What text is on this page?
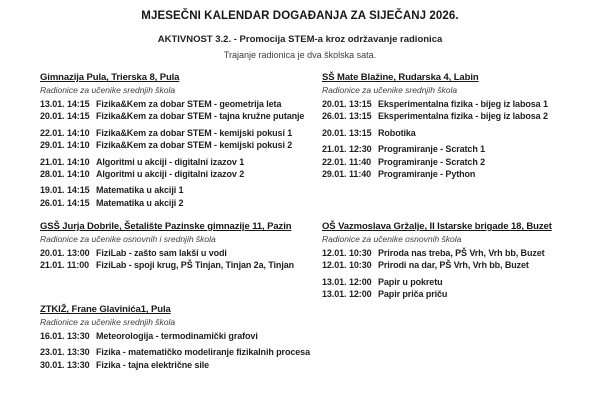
MJESEČNI KALENDAR DOGAĐANJA ZA SIJEČANJ 2026.
AKTIVNOST 3.2. - Promocija STEM-a kroz održavanje radionica
Trajanje radionica je dva školska sata.
Gimnazija Pula, Trierska 8, Pula

Radionice za učenike srednjih škola

13.01. 14:15 Fizika&Kem za dobar STEM - geometrija leta
20.01. 14:15 Fizika&Kem za dobar STEM - tajna kružne putanje
22.01. 14:10 Fizika&Kem za dobar STEM - kemijski pokusi 1
29.01. 14:10 Fizika&Kem za dobar STEM - kemijski pokusi 2
21.01. 14:10 Algoritmi u akciji - digitalni izazov 1
28.01. 14:10 Algoritmi u akciji - digitalni izazov 2
19.01. 14:15 Matematika u akciji 1
26.01. 14:15 Matematika u akciji 2
GSŠ Jurja Dobrile, Šetalište Pazinske gimnazije 11, Pazin

Radionice za učenike osnovnih i srednjih škola

20.01. 13:00 FiziLab - zašto sam lakši u vodi
21.01. 11:00 FiziLab - spoji krug, PŠ Tinjan, Tinjan 2a, Tinjan
ZTKIŽ, Frane Glavinića1, Pula

Radionice za učenike srednjih škola

16.01. 13:30 Meteorologija - termodinamički grafovi
23.01. 13:30 Fizika - matematičko modeliranje fizikalnih procesa
30.01. 13:30 Fizika - tajna električne sile
SŠ Mate Blažine, Rudarska 4, Labin

Radionice za učenike srednjih škola

20.01. 13:15 Eksperimentalna fizika - bijeg iz labosa 1
26.01. 13:15 Eksperimentalna fizika - bijeg iz labosa 2
20.01. 13:15 Robotika
21.01. 12:30 Programiranje - Scratch 1
22.01. 11:40 Programiranje - Scratch 2
29.01. 11:40 Programiranje - Python
OŠ Vazmoslava Gržalje, II Istarske brigade 18, Buzet

Radionice za učenike osnovnih škola

12.01. 10:30 Priroda nas treba, PŠ Vrh, Vrh bb, Buzet
12.01. 10:30 Prirodi na dar, PŠ Vrh, Vrh bb, Buzet
13.01. 12:00 Papir u pokretu
13.01. 12:00 Papir priča priču
